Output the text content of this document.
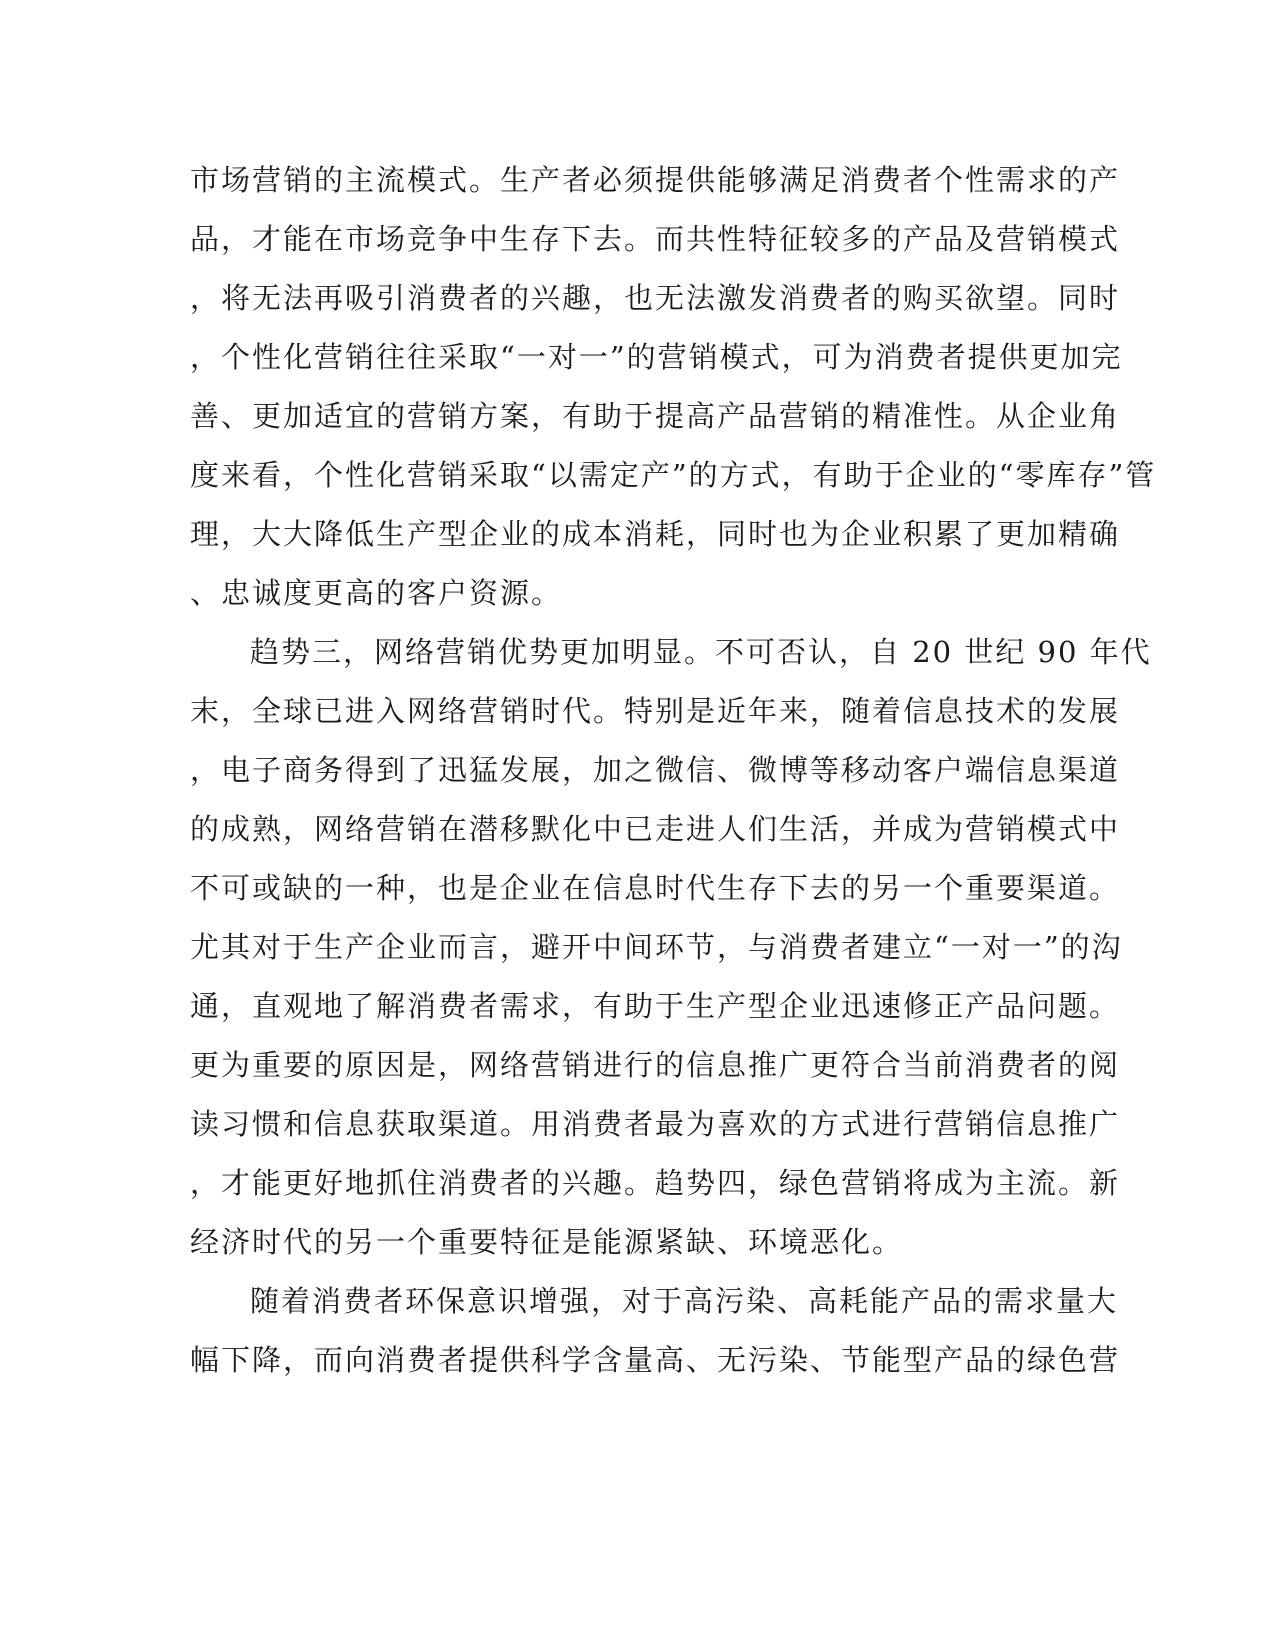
市场营销的主流模式。生产者必须提供能够满足消费者个性需求的产
品，才能在市场竞争中生存下去。而共性特征较多的产品及营销模式
，将无法再吸引消费者的兴趣，也无法激发消费者的购买欲望。同时
，个性化营销往往采取“一对一”的营销模式，可为消费者提供更加完
善、更加适宜的营销方案，有助于提高产品营销的精准性。从企业角
度来看，个性化营销采取“以需定产”的方式，有助于企业的“零库存”管
理，大大降低生产型企业的成本消耗，同时也为企业积累了更加精确
、忠诚度更高的客户资源。
趋势三，网络营销优势更加明显。不可否认，自 20 世纪 90 年代
末，全球已进入网络营销时代。特别是近年来，随着信息技术的发展
，电子商务得到了迅猛发展，加之微信、微博等移动客户端信息渠道
的成熟，网络营销在潜移默化中已走进人们生活，并成为营销模式中
不可或缺的一种，也是企业在信息时代生存下去的另一个重要渠道。
尤其对于生产企业而言，避开中间环节，与消费者建立“一对一”的沟
通，直观地了解消费者需求，有助于生产型企业迅速修正产品问题。
更为重要的原因是，网络营销进行的信息推广更符合当前消费者的阅
读习惯和信息获取渠道。用消费者最为喜欢的方式进行营销信息推广
，才能更好地抓住消费者的兴趣。趋势四，绿色营销将成为主流。新
经济时代的另一个重要特征是能源紧缺、环境恶化。
随着消费者环保意识增强，对于高污染、高耗能产品的需求量大
幅下降，而向消费者提供科学含量高、无污染、节能型产品的绿色营
